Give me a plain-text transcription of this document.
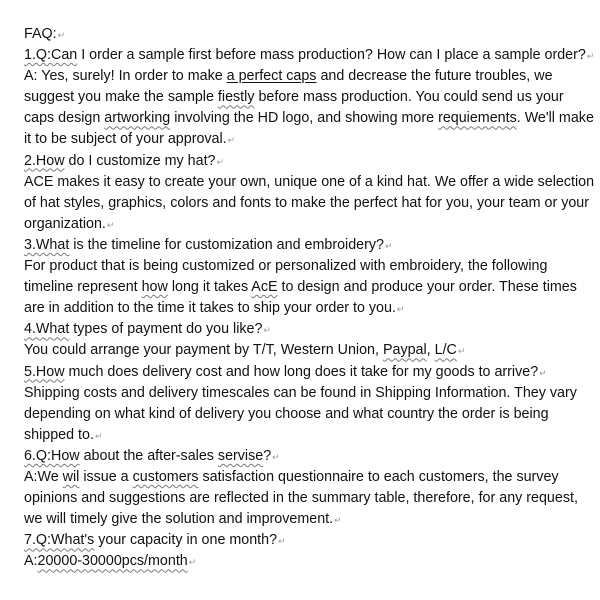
FAQ:↵
1.Q:Can I order a sample first before mass production? How can I place a sample order?↵
A: Yes, surely! In order to make a perfect caps and decrease the future troubles, we
suggest you make the sample fiestly before mass production. You could send us your
caps design artworking involving the HD logo, and showing more requiements. We'll make
it to be subject of your approval.↵
2.How do I customize my hat?↵
ACE makes it easy to create your own, unique one of a kind hat. We offer a wide selection
of hat styles, graphics, colors and fonts to make the perfect hat for you, your team or your
organization.↵
3.What is the timeline for customization and embroidery?↵
For product that is being customized or personalized with embroidery, the following
timeline represent how long it takes AcE to design and produce your order. These times
are in addition to the time it takes to ship your order to you.↵
4.What types of payment do you like?↵
You could arrange your payment by T/T, Western Union, Paypal, L/C↵
5.How much does delivery cost and how long does it take for my goods to arrive?↵
Shipping costs and delivery timescales can be found in Shipping Information. They vary
depending on what kind of delivery you choose and what country the order is being
shipped to.↵
6.Q:How about the after-sales servise?↵
A:We wil issue a customers satisfaction questionnaire to each customers, the survey
opinions and suggestions are reflected in the summary table, therefore, for any request,
we will timely give the solution and improvement.↵
7.Q:What's your capacity in one month?↵
A:20000-30000pcs/month↵
